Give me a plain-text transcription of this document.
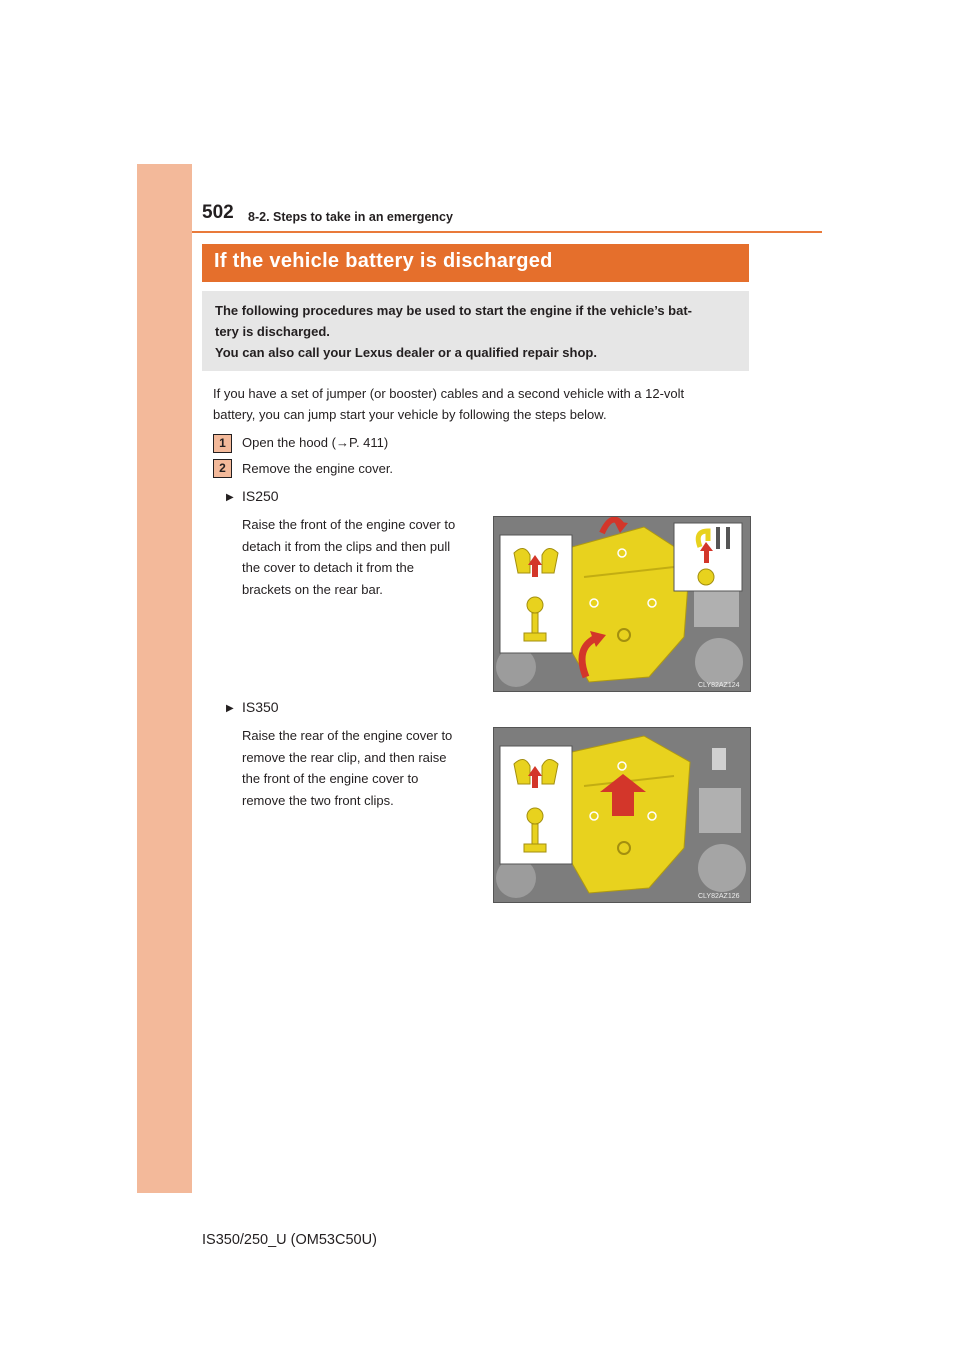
502 8-2. Steps to take in an emergency
If the vehicle battery is discharged
The following procedures may be used to start the engine if the vehicle’s bat-
tery is discharged.
You can also call your Lexus dealer or a qualified repair shop.
If you have a set of jumper (or booster) cables and a second vehicle with a 12-volt
battery, you can jump start your vehicle by following the steps below.
1	Open the hood (→P. 411)
2	Remove the engine cover.
▶ IS250
Raise the front of the engine cover to
detach it from the clips and then pull
the cover to detach it from the
brackets on the rear bar.
CLY82AZ124
▶ IS350
Raise the rear of the engine cover to
remove the rear clip, and then raise
the front of the engine cover to
remove the two front clips.
CLY82AZ126
IS350/250_U (OM53C50U)
